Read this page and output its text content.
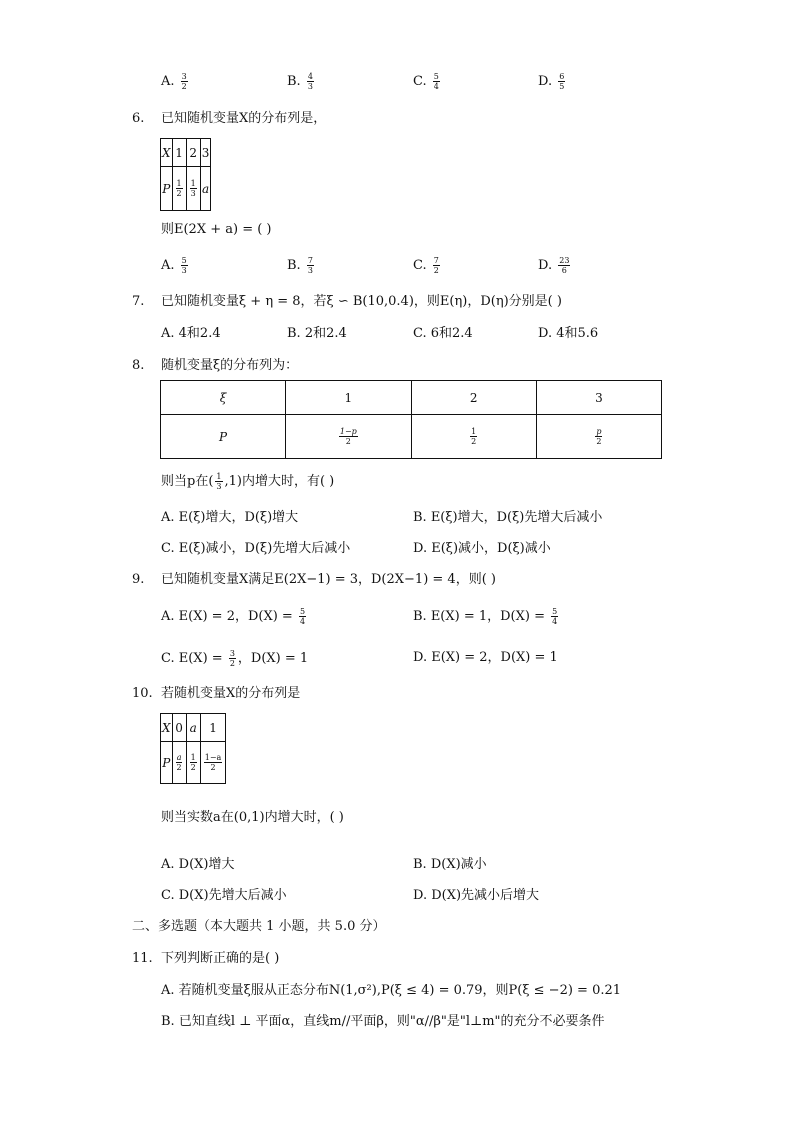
A. $\frac{3}{2}$	B. $\frac{4}{3}$	C. $\frac{5}{4}$	D. $\frac{6}{5}$
6. 已知随机变量X的分布列是，
X	1	2	3
P	$\frac{1}{2}$	$\frac{1}{3}$	a
则E(2X + a) = ( )
A. $\frac{5}{3}$	B. $\frac{7}{3}$	C. $\frac{7}{2}$	D. $\frac{23}{6}$
7. 已知随机变量ξ + η = 8，若ξ ∽ B(10,0.4)，则E(η)，D(η)分别是( )
A. 4和2.4	B. 2和2.4	C. 6和2.4	D. 4和5.6
8. 随机变量ξ的分布列为：
ξ	1	2	3
P	$\frac{1-p}{2}$	$\frac{1}{2}$	$\frac{p}{2}$
则当p在( $\frac{1}{3} ,1$)内增大时，有( )
A. E(ξ)增大，D(ξ)增大	B. E(ξ)增大，D(ξ)先增大后减小
C. E(ξ)减小，D(ξ)先增大后减小	D. E(ξ)减小，D(ξ)减小
9. 已知随机变量X满足E(2X−1) = 3，D(2X−1) = 4，则( )
A. E(X) = 2，$D(X) = \frac{5}{4}$	B. E(X) = 1，$D(X) = \frac{5}{4}$
C. $E(X) = \frac{3}{2}$ ，D(X) = 1	D. E(X) = 2，D(X) = 1
10. 若随机变量X的分布列是
X	0	a	1
P	$\frac{a}{2}$	$\frac{1}{2}$	$\frac{1-a}{2}$
则当实数a在(0,1)内增大时，( )
A. D(X)增大	B. D(X)减小
C. D(X)先增大后减小	D. D(X)先减小后增大
二、多选题（本大题共 1 小题，共 5.0 分）
11. 下列判断正确的是( )
A. 若随机变量ξ服从正态分布N(1,σ²),P(ξ ≤ 4) = 0.79，则P(ξ ≤ −2) = 0.21
B. 已知直线l ⊥ 平面α，直线m//平面β，则"α//β"是"l⊥m"的充分不必要条件
